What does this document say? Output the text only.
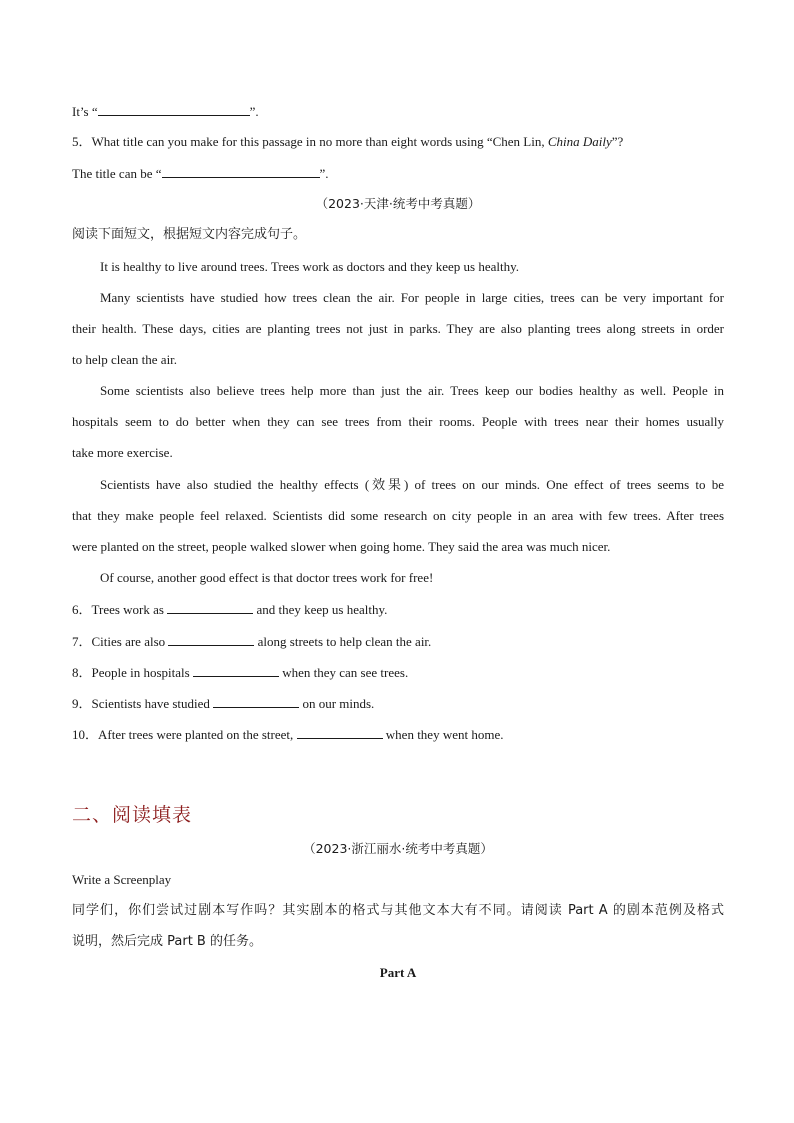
It’s “	”.
5．What title can you make for this passage in no more than eight words using “Chen Lin, China Daily”?
The title can be “	”.
（2023·天津·统考中考真题）
阅读下面短文，根据短文内容完成句子。
It is healthy to live around trees. Trees work as doctors and they keep us healthy.
Many scientists have studied how trees clean the air. For people in large cities, trees can be very important for
their health. These days, cities are planting trees not just in parks. They are also planting trees along streets in order
to help clean the air.
Some scientists also believe trees help more than just the air. Trees keep our bodies healthy as well. People in
hospitals seem to do better when they can see trees from their rooms. People with trees near their homes usually
take more exercise.
Scientists have also studied the healthy effects (效果) of trees on our minds. One effect of trees seems to be
that they make people feel relaxed. Scientists did some research on city people in an area with few trees. After trees
were planted on the street, people walked slower when going home. They said the area was much nicer.
Of course, another good effect is that doctor trees work for free!
6．Trees work as	and they keep us healthy.
7．Cities are also	along streets to help clean the air.
8．People in hospitals	when they can see trees.
9．Scientists have studied	on our minds.
10．After trees were planted on the street,	when they went home.
二、阅读填表
（2023·浙江丽水·统考中考真题）
Write a Screenplay
同学们，你们尝试过剧本写作吗？其实剧本的格式与其他文本大有不同。请阅读 Part A 的剧本范例及格式
说明，然后完成 Part B 的任务。
Part A
